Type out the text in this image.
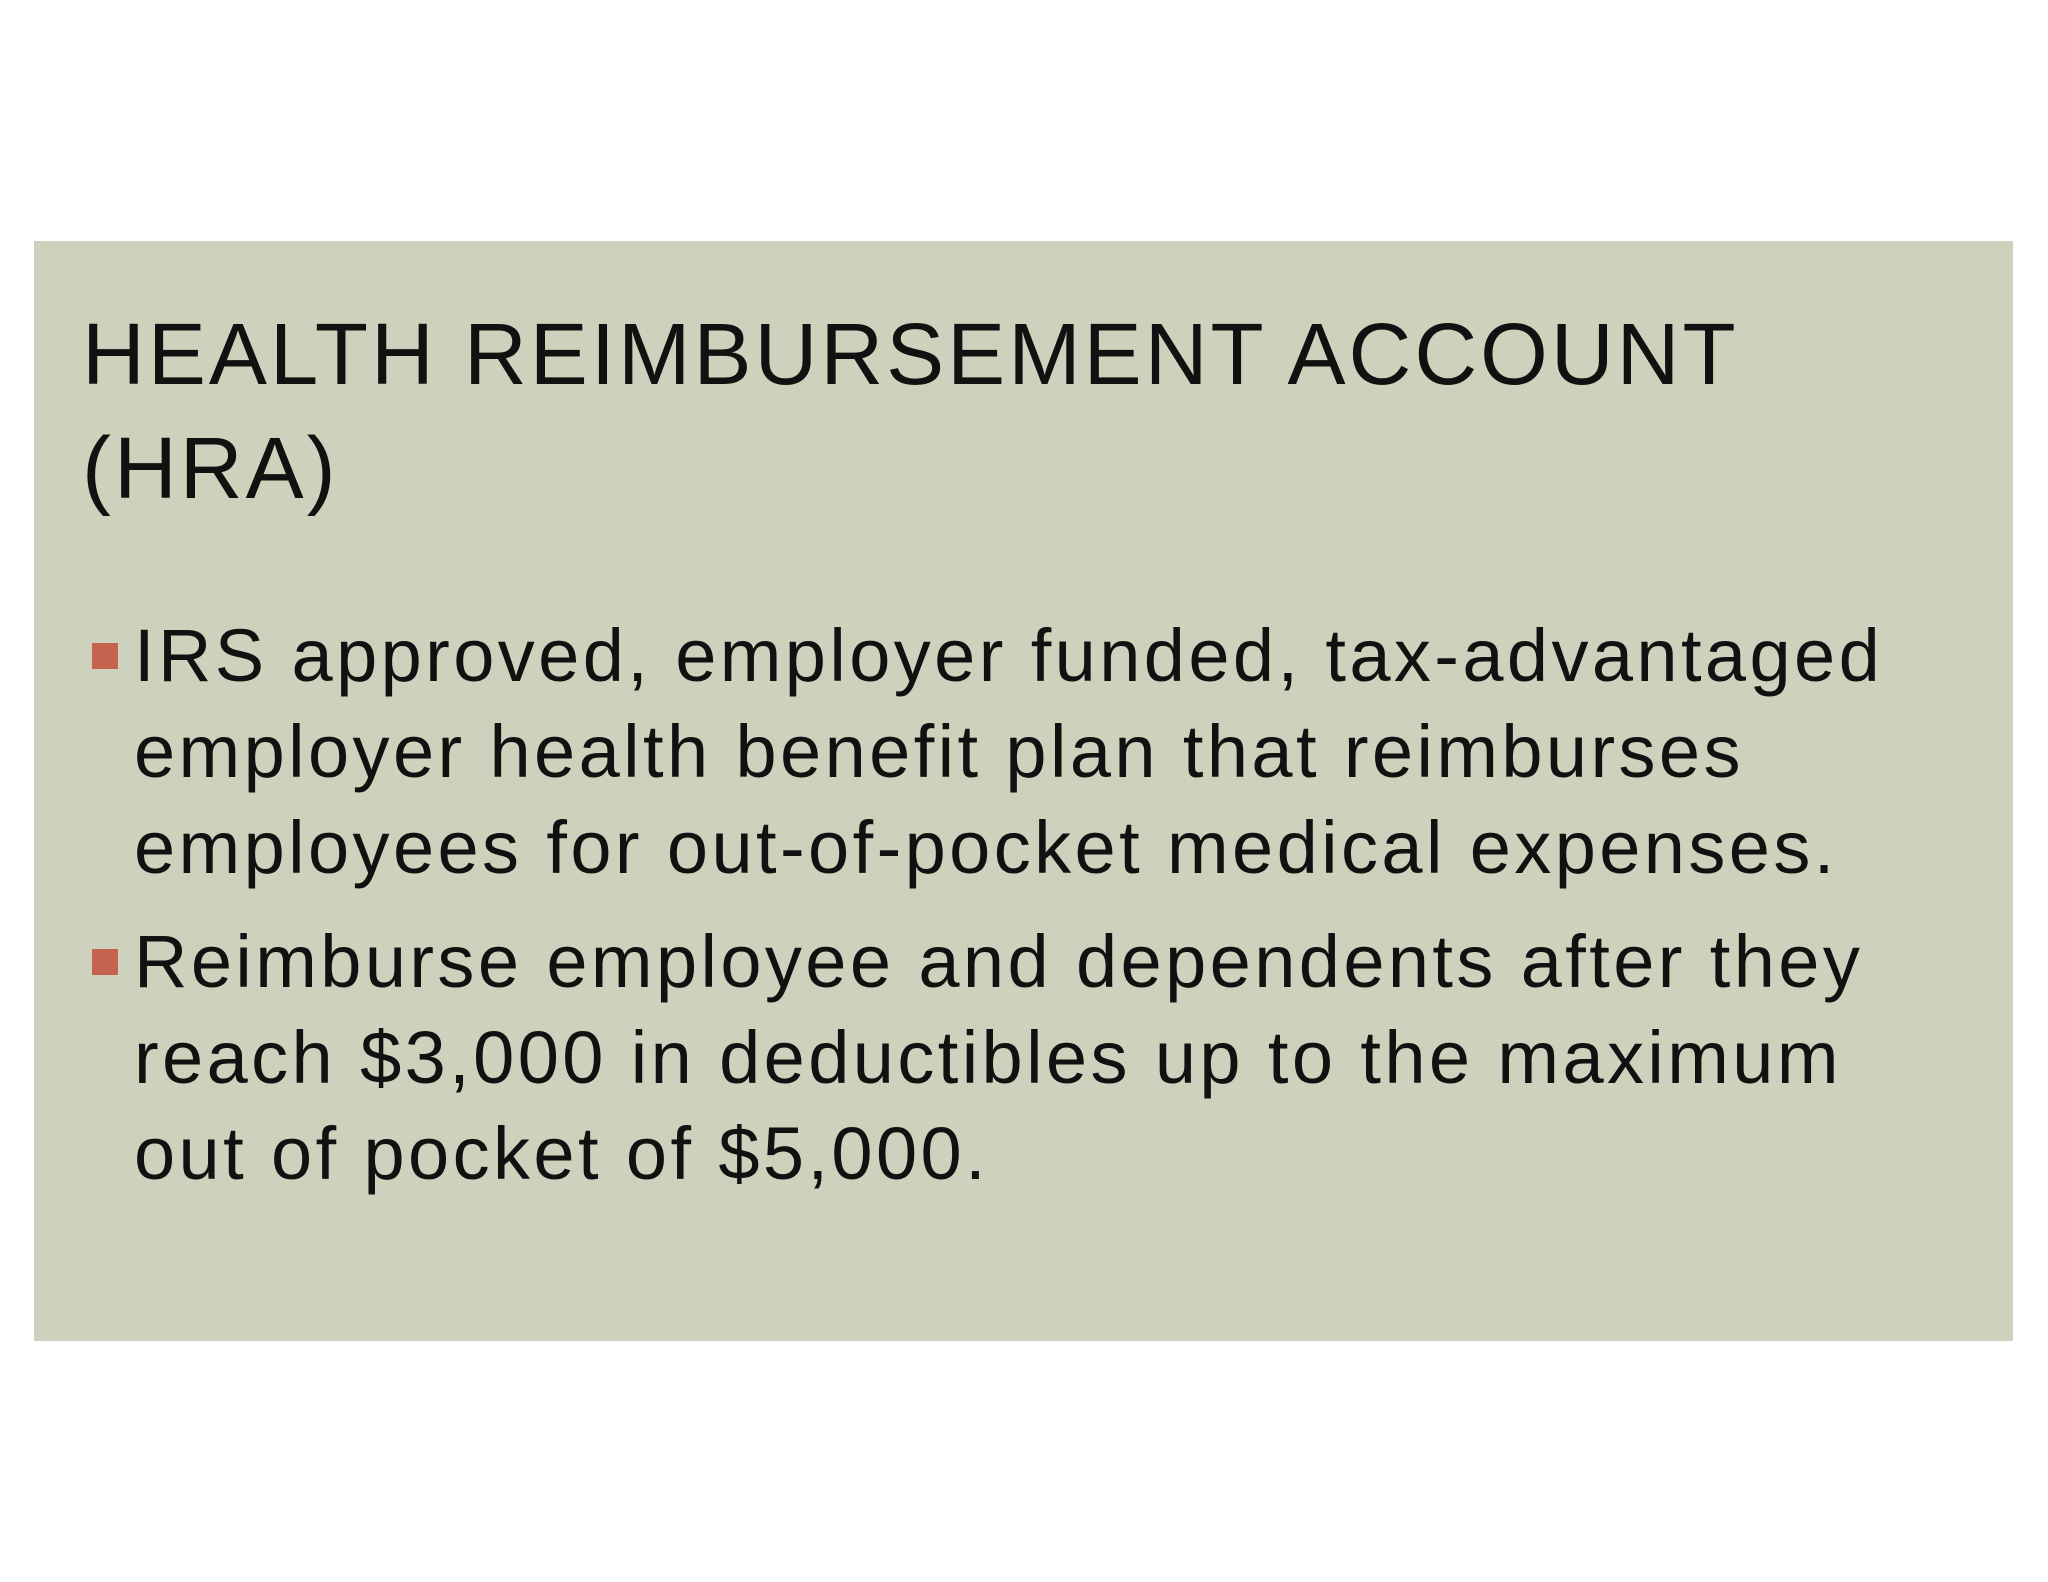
HEALTH REIMBURSEMENT ACCOUNT (HRA)
IRS approved, employer funded, tax-advantaged employer health benefit plan that reimburses employees for out-of-pocket medical expenses.
Reimburse employee and dependents after they reach $3,000 in deductibles up to the maximum out of pocket of $5,000.
